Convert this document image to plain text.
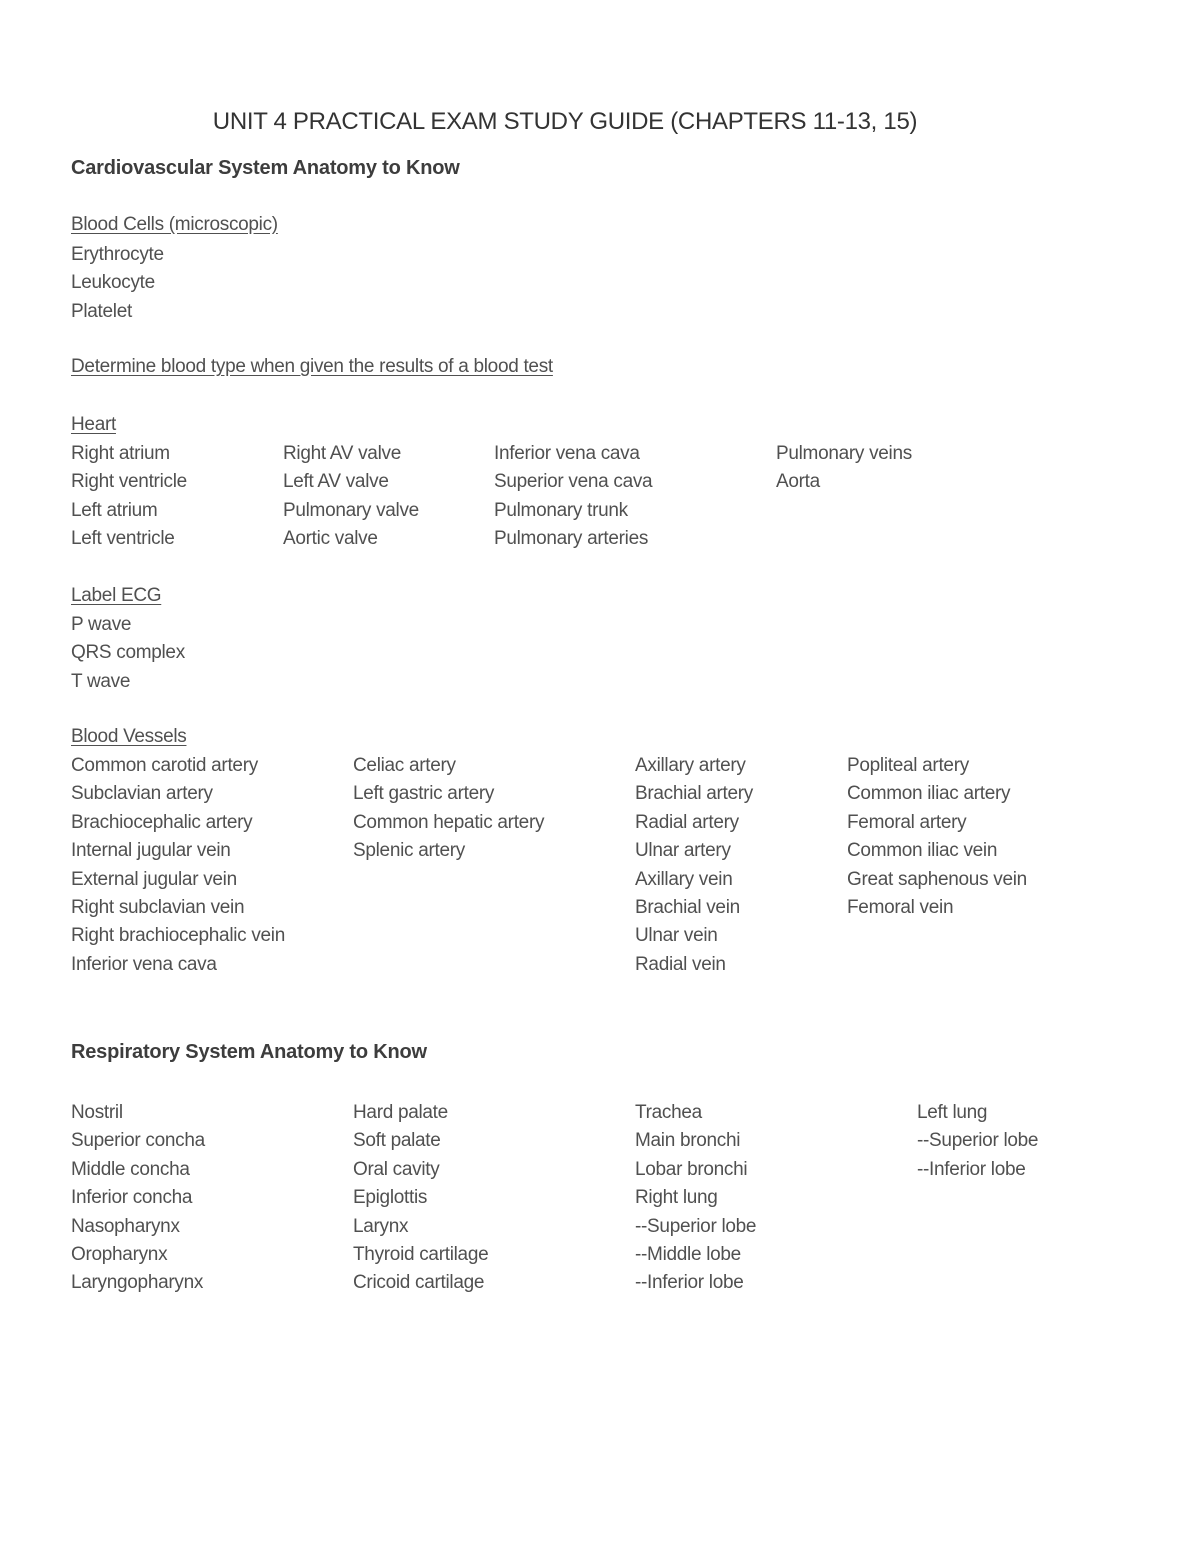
UNIT 4 PRACTICAL EXAM STUDY GUIDE (CHAPTERS 11-13, 15)
Cardiovascular System Anatomy to Know
Blood Cells (microscopic)
Erythrocyte
Leukocyte
Platelet
Determine blood type when given the results of a blood test
Heart
Right atrium
Right ventricle
Left atrium
Left ventricle
Right AV valve
Left AV valve
Pulmonary valve
Aortic valve
Inferior vena cava
Superior vena cava
Pulmonary trunk
Pulmonary arteries
Pulmonary veins
Aorta
Label ECG
P wave
QRS complex
T wave
Blood Vessels
Common carotid artery
Subclavian artery
Brachiocephalic artery
Internal jugular vein
External jugular vein
Right subclavian vein
Right brachiocephalic vein
Inferior vena cava
Celiac artery
Left gastric artery
Common hepatic artery
Splenic artery
Axillary artery
Brachial artery
Radial artery
Ulnar artery
Axillary vein
Brachial vein
Ulnar vein
Radial vein
Popliteal artery
Common iliac artery
Femoral artery
Common iliac vein
Great saphenous vein
Femoral vein
Respiratory System Anatomy to Know
Nostril
Superior concha
Middle concha
Inferior concha
Nasopharynx
Oropharynx
Laryngopharynx
Hard palate
Soft palate
Oral cavity
Epiglottis
Larynx
Thyroid cartilage
Cricoid cartilage
Trachea
Main bronchi
Lobar bronchi
Right lung
--Superior lobe
--Middle lobe
--Inferior lobe
Left lung
--Superior lobe
--Inferior lobe
